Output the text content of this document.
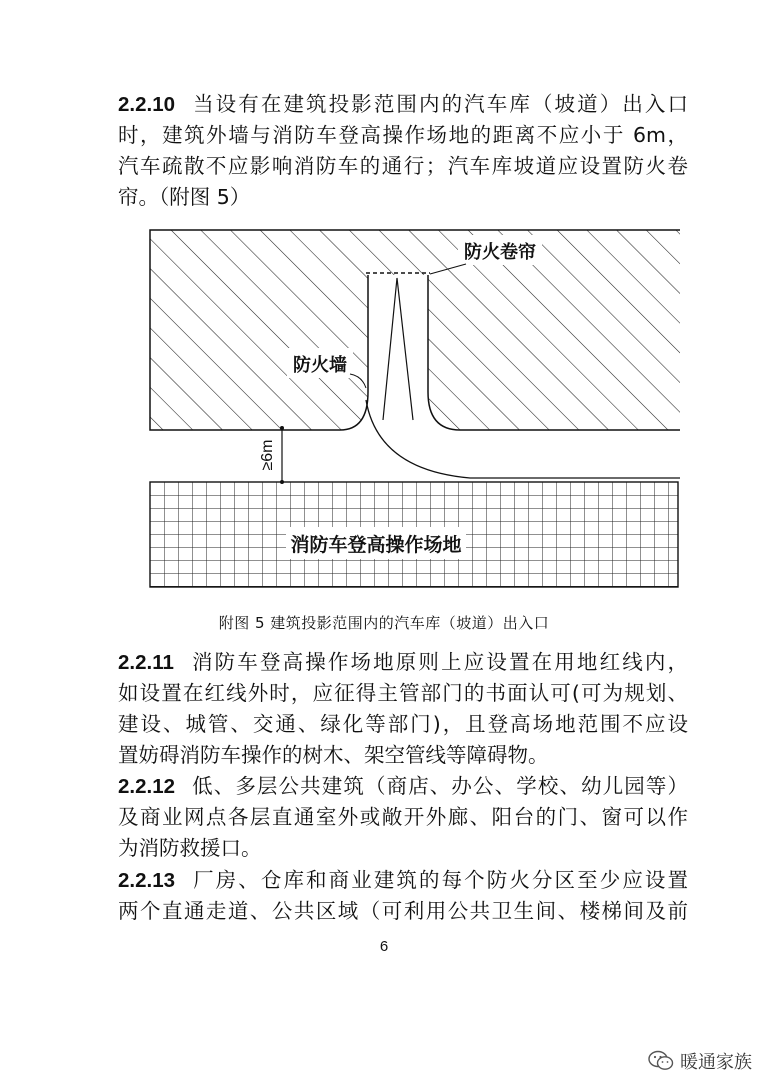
2.2.10 当设有在建筑投影范围内的汽车库（坡道）出入口
时，建筑外墙与消防车登高操作场地的距离不应小于 6m，
汽车疏散不应影响消防车的通行；汽车库坡道应设置防火卷
帘。（附图 5）
≥6m
防火卷帘
防火墙
消防车登高操作场地
附图 5 建筑投影范围内的汽车库（坡道）出入口
2.2.11 消防车登高操作场地原则上应设置在用地红线内，
如设置在红线外时，应征得主管部门的书面认可(可为规划、
建设、城管、交通、绿化等部门)，且登高场地范围不应设
置妨碍消防车操作的树木、架空管线等障碍物。
2.2.12 低、多层公共建筑（商店、办公、学校、幼儿园等）
及商业网点各层直通室外或敞开外廊、阳台的门、窗可以作
为消防救援口。
2.2.13 厂房、仓库和商业建筑的每个防火分区至少应设置
两个直通走道、公共区域（可利用公共卫生间、楼梯间及前
6
暖通家族
